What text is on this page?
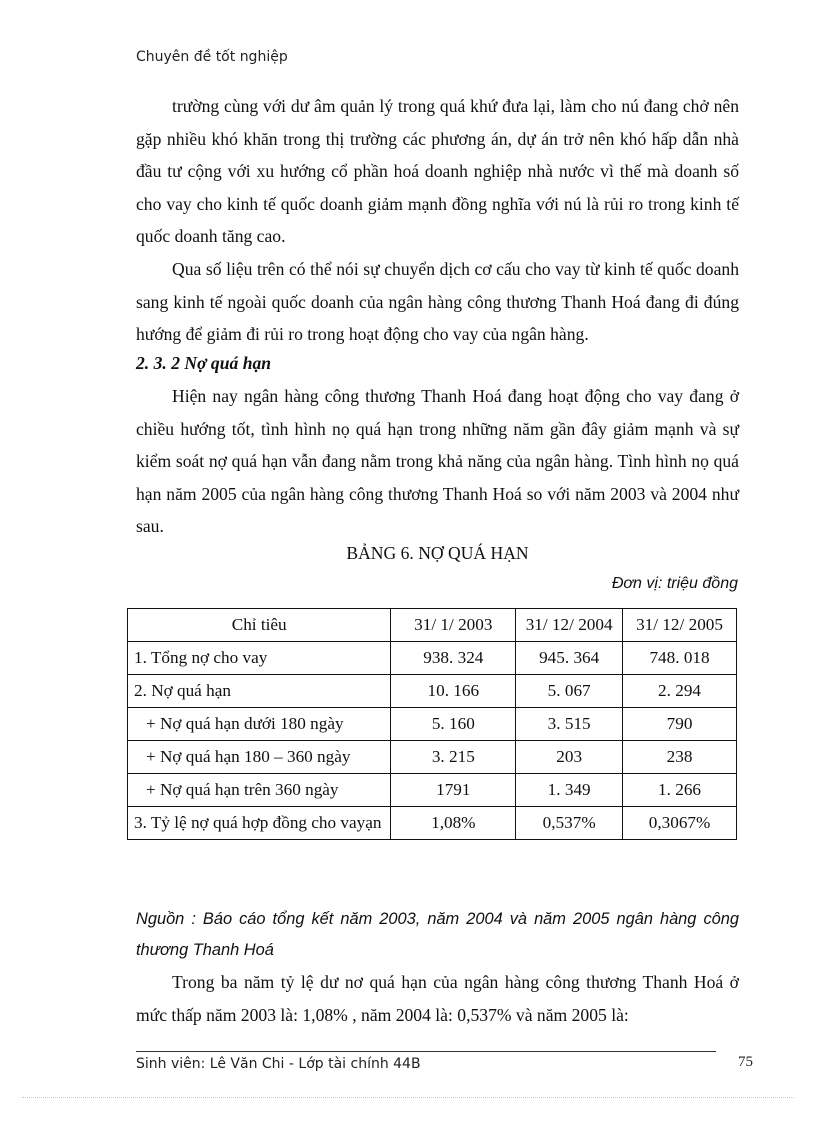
Chuyên đề tốt nghiệp

trường cùng với dư âm quản lý trong quá khứ đưa lại, làm cho nú đang chở nên gặp nhiều khó khăn trong thị trường các phương án, dự án trở nên khó hấp dẫn nhà đầu tư cộng với xu hướng cổ phần hoá doanh nghiệp nhà nước vì thế mà doanh số cho vay cho kinh tế quốc doanh giảm mạnh đồng nghĩa với nú là rủi ro trong kinh tế quốc doanh tăng cao.

Qua số liệu trên có thể nói sự chuyển dịch cơ cấu cho vay từ kinh tế quốc doanh sang kinh tế ngoài quốc doanh của ngân hàng công thương Thanh Hoá đang đi đúng hướng để giảm đi rủi ro trong hoạt động cho vay của ngân hàng.

2. 3. 2 Nợ quá hạn

Hiện nay ngân hàng công thương Thanh Hoá đang hoạt động cho vay đang ở chiều hướng tốt, tình hình nọ quá hạn trong những năm gần đây giảm mạnh và sự kiểm soát nợ quá hạn vẫn đang nằm trong khả năng của ngân hàng. Tình hình nọ quá hạn năm 2005 của ngân hàng công thương Thanh Hoá so với năm 2003 và 2004 như sau.

BẢNG 6. NỢ QUÁ HẠN

Đơn vị: triệu đồng

Chỉ tiêu	31/ 1/ 2003	31/ 12/ 2004	31/ 12/ 2005
1. Tổng nợ cho vay	938. 324	945. 364	748. 018
2. Nợ quá hạn	10. 166	5. 067	2. 294
+ Nợ quá hạn dưới 180 ngày	5. 160	3. 515	790
+ Nợ quá hạn 180 – 360 ngày	3. 215	203	238
+ Nợ quá hạn trên 360 ngày	1791	1. 349	1. 266
3. Tỷ lệ nợ quá hợp đồng cho vayạn	1,08%	0,537%	0,3067%

Nguồn : Báo cáo tổng kết năm 2003, năm 2004 và năm 2005 ngân hàng công thương Thanh Hoá

Trong ba năm tỷ lệ dư nơ quá hạn của ngân hàng công thương Thanh Hoá ở mức thấp năm 2003 là: 1,08% , năm 2004 là: 0,537% và năm 2005 là:

Sinh viên: Lê Văn Chi - Lớp tài chính 44B	75
